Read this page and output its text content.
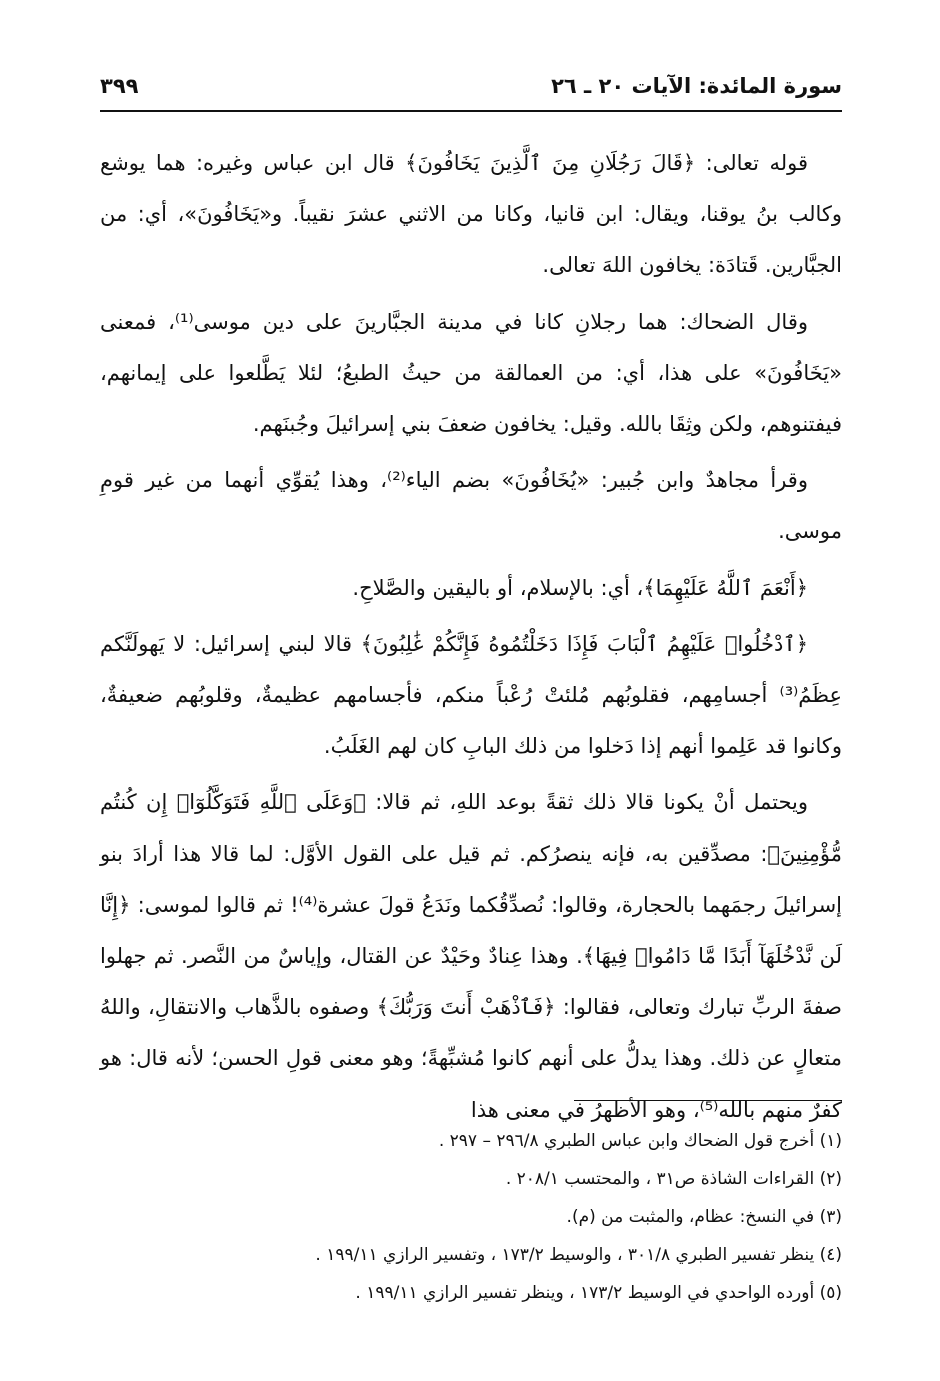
سورة المائدة: الآيات ٢٠ ـ ٢٦
٣٩٩

قوله تعالى: ﴿قَالَ رَجُلَانِ مِنَ ٱلَّذِينَ يَخَافُونَ﴾ قال ابن عباس وغيره: هما يوشع وكالب بنُ يوقنا، ويقال: ابن قانيا، وكانا من الاثني عشرَ نقيباً. و«يَخَافُونَ»، أي: من الجبَّارين. قَتادَة: يخافون اللهَ تعالى.

وقال الضحاك: هما رجلانِ كانا في مدينة الجبَّارينَ على دين موسى⁽¹⁾، فمعنى «يَخَافُونَ» على هذا، أي: من العمالقة من حيثُ الطبعُ؛ لئلا يَطَّلعوا على إيمانهم، فيفتنوهم، ولكن وثِقَا بالله. وقيل: يخافون ضعفَ بني إسرائيلَ وجُبنَهم.

وقرأ مجاهدٌ وابن جُبير: «يُخَافُونَ» بضم الياء⁽²⁾، وهذا يُقوِّي أنهما من غير قومِ موسى.

﴿أَنْعَمَ ٱللَّهُ عَلَيْهِمَا﴾، أي: بالإسلام، أو باليقين والصَّلاحِ.

﴿ٱدْخُلُوا۟ عَلَيْهِمُ ٱلْبَابَ فَإِذَا دَخَلْتُمُوهُ فَإِنَّكُمْ غَٰلِبُونَ﴾ قالا لبني إسرائيل: لا يَهولَنَّكم عِظَمُ⁽³⁾ أجسامِهم، فقلوبُهم مُلئتْ رُعْباً منكم، فأجسامهم عظيمةٌ، وقلوبُهم ضعيفةٌ، وكانوا قد عَلِموا أنهم إذا دَخلوا من ذلك البابِ كان لهم الغَلَبُ.

ويحتمل أنْ يكونا قالا ذلك ثقةً بوعد اللهِ، ثم قالا: ﴿وَعَلَى ٱللَّهِ فَتَوَكَّلُوٓا۟ إِن كُنتُم مُّؤْمِنِينَ﴾: مصدِّقين به، فإنه ينصرُكم. ثم قيل على القول الأوَّل: لما قالا هذا أرادَ بنو إسرائيلَ رجمَهما بالحجارة، وقالوا: نُصدِّقُكما ونَدَعُ قولَ عشرة⁽⁴⁾! ثم قالوا لموسى: ﴿إِنَّا لَن نَّدْخُلَهَآ أَبَدًا مَّا دَامُوا۟ فِيهَا﴾. وهذا عِنادٌ وحَيْدٌ عن القتال، وإياسٌ من النَّصر. ثم جهلوا صفةَ الربِّ تبارك وتعالى، فقالوا: ﴿فَٱذْهَبْ أَنتَ وَرَبُّكَ﴾ وصفوه بالذَّهاب والانتقالِ، واللهُ متعالٍ عن ذلك. وهذا يدلُّ على أنهم كانوا مُشبِّهةً؛ وهو معنى قولِ الحسن؛ لأنه قال: هو كفرٌ منهم بالله⁽⁵⁾، وهو الأظهرُ في معنى هذا

(١) أخرج قول الضحاك وابن عباس الطبري ٢٩٦/٨ – ٢٩٧ .

(٢) القراءات الشاذة ص٣١ ، والمحتسب ٢٠٨/١ .

(٣) في النسخ: عظام، والمثبت من (م).

(٤) ينظر تفسير الطبري ٣٠١/٨ ، والوسيط ١٧٣/٢ ، وتفسير الرازي ١٩٩/١١ .

(٥) أورده الواحدي في الوسيط ١٧٣/٢ ، وينظر تفسير الرازي ١٩٩/١١ .
